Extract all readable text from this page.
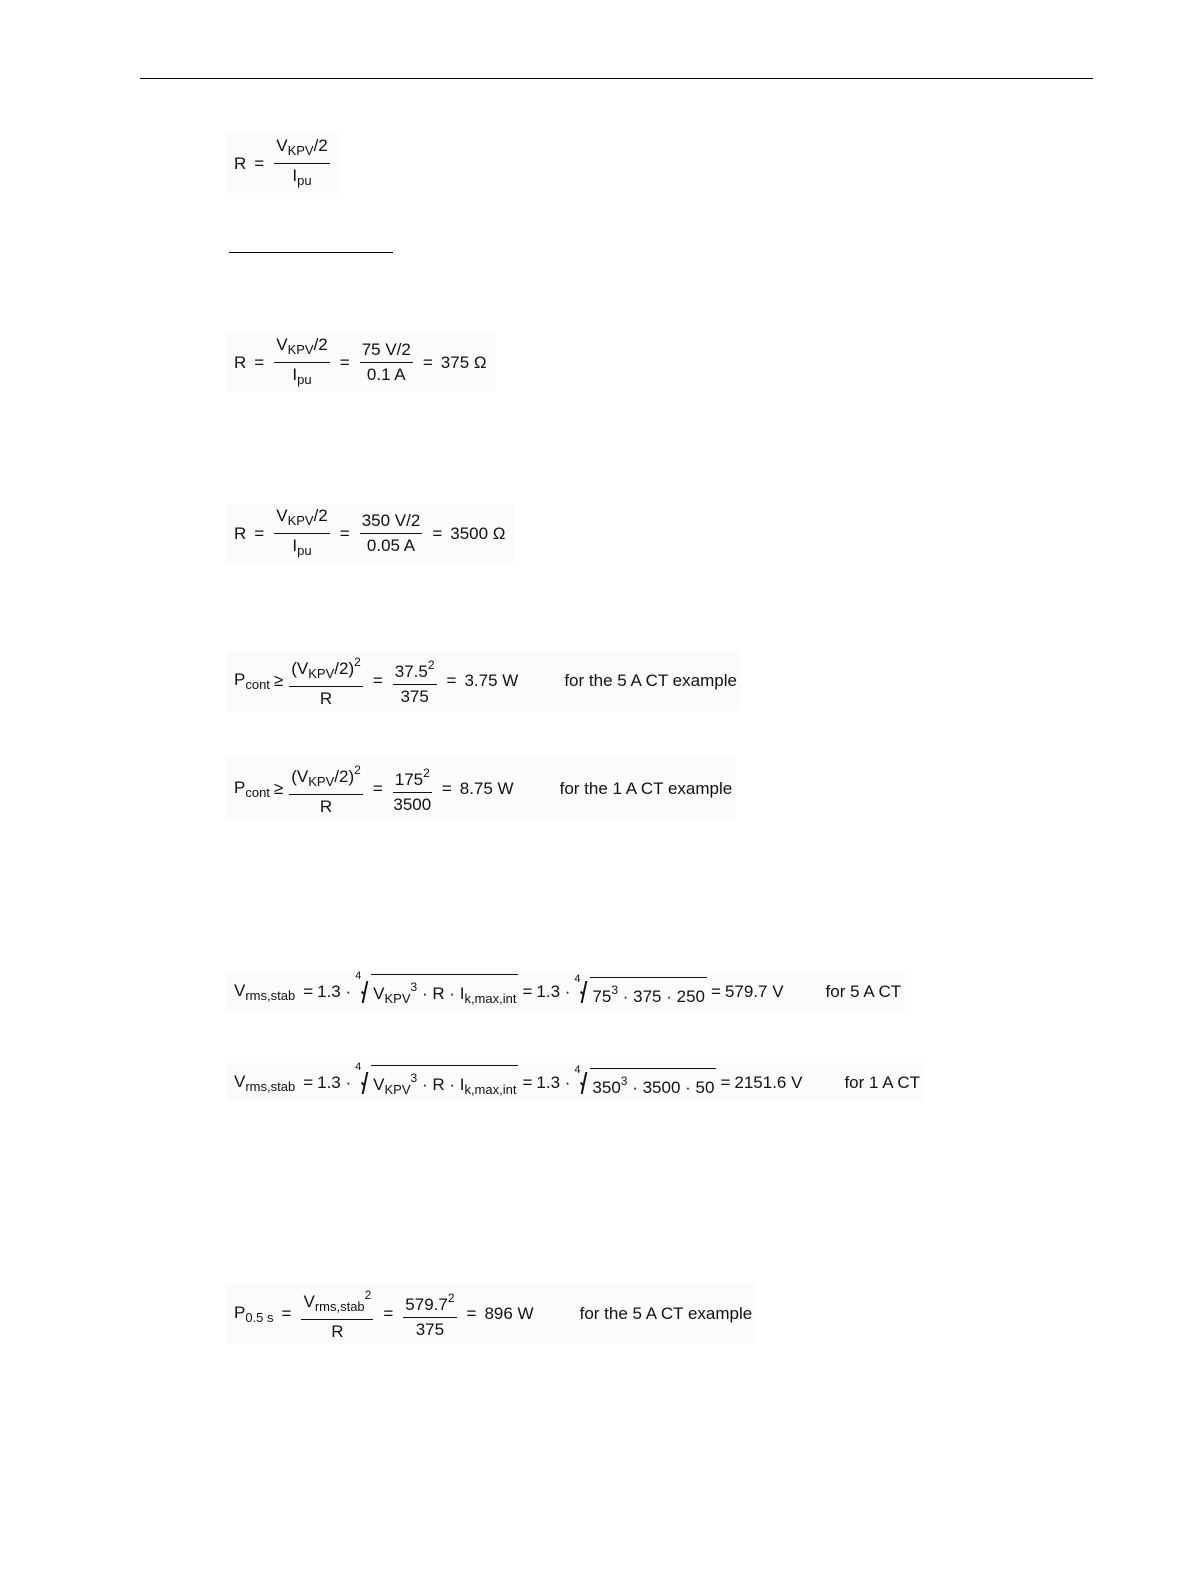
$R = \frac{V_{KPV}/2}{I_{pu}}$
$R = \frac{V_{KPV}/2}{I_{pu}} = \frac{75 V/2}{0.1 A} = 375$ Ω
$R = \frac{V_{KPV}/2}{I_{pu}} = \frac{350 V/2}{0.05 A} = 3500$ Ω
$P_{cont} \ge \frac{(V_{KPV}/2)^2}{R} = \frac{37.5^2}{375} = 3.75$ W	for the 5 A CT example
$P_{cont} \ge \frac{(V_{KPV}/2)^2}{R} = \frac{175^2}{3500} = 8.75$ W	for the 1 A CT example
$V_{rms,stab} = 1.3$ ·
4
$V_{KPV}^3 \cdot R \cdot I_{k,max,int} = 1.3$ ·
4
$75^3 \cdot 375 \cdot 250 = 579.7$ V for 5 A CT
$V_{rms,stab} = 1.3$ ·
4
$V_{KPV}^3 \cdot R \cdot I_{k,max,int} = 1.3$ ·
4
$350^3 \cdot 3500 \cdot 50 = 2151.6$ V for 1 A CT
$P_{0.5 s} = \frac{V_{rms,stab}^2}{R} = \frac{579.7^2}{375} = 896$ W	for the 5 A CT example
